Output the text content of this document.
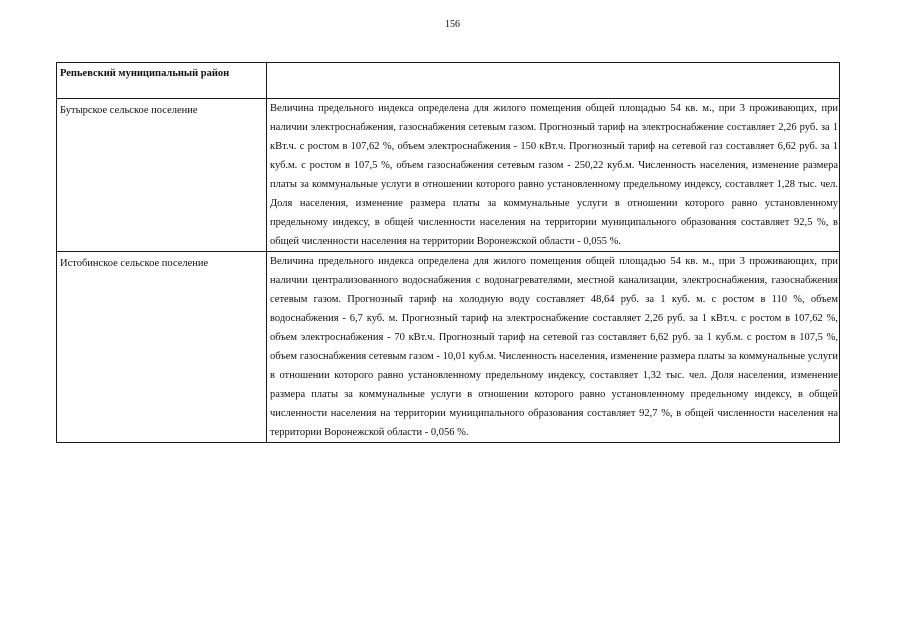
156
Репьевский муниципальный район	
Бутырское сельское поселение	Величина предельного индекса определена для жилого помещения общей площадью 54 кв. м., при 3 проживающих, при наличии электроснабжения, газоснабжения сетевым газом. Прогнозный тариф на электроснабжение составляет 2,26 руб. за 1 кВт.ч. с ростом в 107,62 %, объем электроснабжения - 150 кВт.ч. Прогнозный тариф на сетевой газ составляет 6,62 руб. за 1 куб.м. с ростом в 107,5 %, объем газоснабжения сетевым газом - 250,22 куб.м. Численность населения, изменение размера платы за коммунальные услуги в отношении которого равно установленному предельному индексу, составляет 1,28 тыс. чел. Доля населения, изменение размера платы за коммунальные услуги в отношении которого равно установленному предельному индексу, в общей численности населения на территории муниципального образования составляет 92,5 %, в общей численности населения на территории Воронежской области - 0,055 %.

Истобинское сельское поселение	Величина предельного индекса определена для жилого помещения общей площадью 54 кв. м., при 3 проживающих, при наличии централизованного водоснабжения с водонагревателями, местной канализации, электроснабжения, газоснабжения сетевым газом. Прогнозный тариф на холодную воду составляет 48,64 руб. за 1 куб. м. с ростом в 110 %, объем водоснабжения - 6,7 куб. м. Прогнозный тариф на электроснабжение составляет 2,26 руб. за 1 кВт.ч. с ростом в 107,62 %, объем электроснабжения - 70 кВт.ч. Прогнозный тариф на сетевой газ составляет 6,62 руб. за 1 куб.м. с ростом в 107,5 %, объем газоснабжения сетевым газом - 10,01 куб.м. Численность населения, изменение размера платы за коммунальные услуги в отношении которого равно установленному предельному индексу, составляет 1,32 тыс. чел. Доля населения, изменение размера платы за коммунальные услуги в отношении которого равно установленному предельному индексу, в общей численности населения на территории муниципального образования составляет 92,7 %, в общей численности населения на территории Воронежской области - 0,056 %.
